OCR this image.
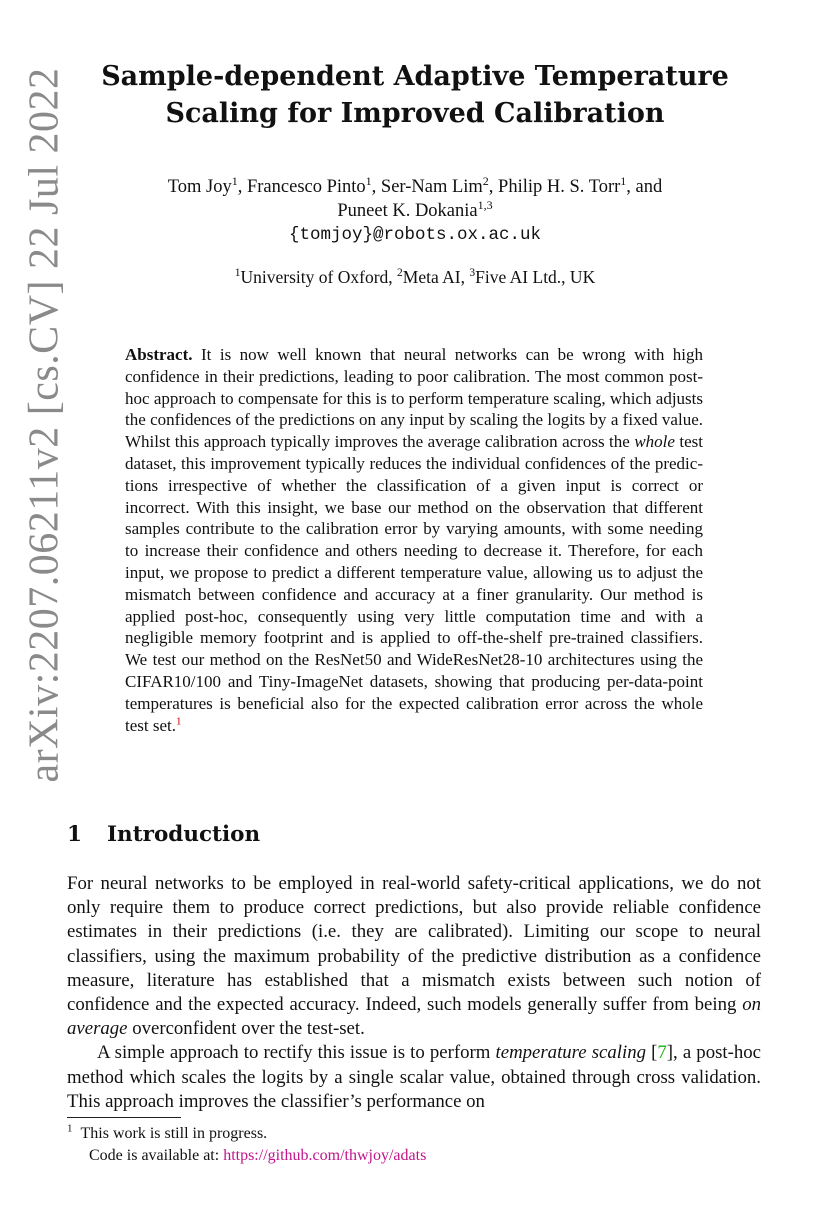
arXiv:2207.06211v2 [cs.CV] 22 Jul 2022	Sample-dependent Adaptive Temperature
Scaling for Improved Calibration
Tom Joy$^1$, Francesco Pinto$^1$, Ser-Nam Lim$^2$, Philip H. S. Torr$^1$, and
Puneet K. Dokania$^{1,3}$
{tomjoy}@robots.ox.ac.uk
$^1$University of Oxford, $^2$Meta AI, $^3$Five AI Ltd., UK
Abstract. It is now well known that neural networks can be wrong with high confidence in their predictions, leading to poor calibration. The most common post-hoc approach to compensate for this is to perform temperature scaling, which adjusts the confidences of the predictions on any input by scaling the logits by a fixed value. Whilst this approach typically improves the average calibration across the whole test dataset, this improvement typically reduces the individual confidences of the predictions irrespective of whether the classification of a given input is correct or incorrect. With this insight, we base our method on the observation that different samples contribute to the calibration error by varying amounts, with some needing to increase their confidence and others needing to decrease it. Therefore, for each input, we propose to predict a different temperature value, allowing us to adjust the mismatch between confidence and accuracy at a finer granularity. Our method is applied post-hoc, consequently using very little computation time and with a negligible memory footprint and is applied to off-the-shelf pre-trained classifiers. We test our method on the ResNet50 and WideResNet28-10 architectures using the CIFAR10/100 and Tiny-ImageNet datasets, showing that producing per-data-point temperatures is beneficial also for the expected calibration error across the whole test set.$^1$
1 Introduction

For neural networks to be employed in real-world safety-critical applications, we do not only require them to produce correct predictions, but also provide reliable confidence estimates in their predictions (i.e. they are calibrated). Limiting our scope to neural classifiers, using the maximum probability of the predictive distribution as a confidence measure, literature has established that a mismatch exists between such notion of confidence and the expected accuracy. Indeed, such models generally suffer from being on average overconfident over the test-set.

A simple approach to rectify this issue is to perform temperature scaling [7], a post-hoc method which scales the logits by a single scalar value, obtained through cross validation. This approach improves the classifier’s performance on

$^1$ This work is still in progress.
Code is available at: https://github.com/thwjoy/adats
